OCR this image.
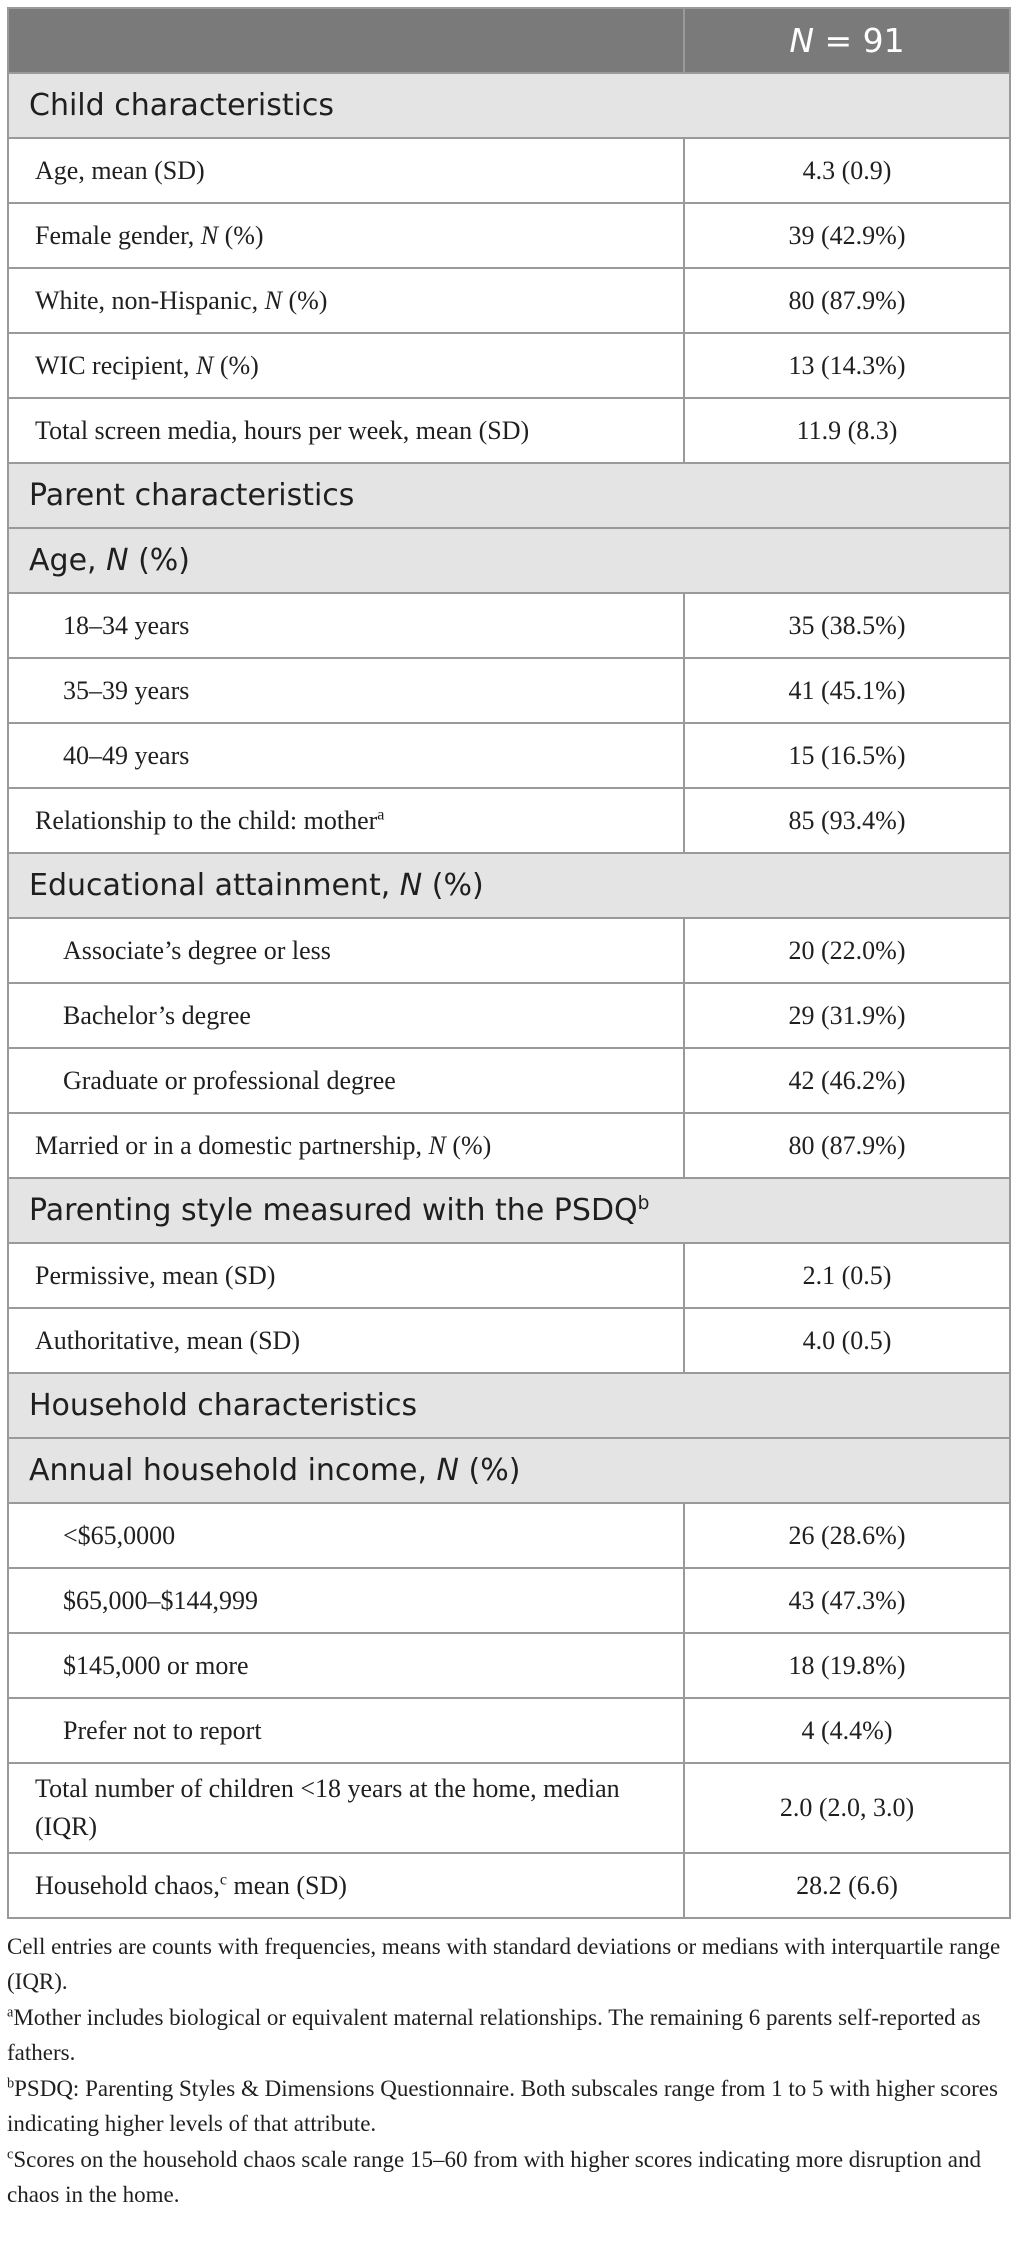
	N = 91
Child characteristics	
Age, mean (SD)	4.3 (0.9)
Female gender, N (%)	39 (42.9%)
White, non-Hispanic, N (%)	80 (87.9%)
WIC recipient, N (%)	13 (14.3%)
Total screen media, hours per week, mean (SD)	11.9 (8.3)
Parent characteristics	
Age, N (%)	
18–34 years	35 (38.5%)
35–39 years	41 (45.1%)
40–49 years	15 (16.5%)
Relationship to the child: mother$^a$	85 (93.4%)
Educational attainment, N (%)	
Associate’s degree or less	20 (22.0%)
Bachelor’s degree	29 (31.9%)
Graduate or professional degree	42 (46.2%)
Married or in a domestic partnership, N (%)	80 (87.9%)
Parenting style measured with the PSDQ$^b$
Permissive, mean (SD)	2.1 (0.5)
Authoritative, mean (SD)	4.0 (0.5)
Household characteristics	
Annual household income, N (%)	
<$65,0000	26 (28.6%)
$65,000–$144,999	43 (47.3%)
$145,000 or more	18 (19.8%)
Prefer not to report	4 (4.4%)
Total number of children <18 years at the home, median (IQR)	2.0 (2.0, 3.0)
Household chaos,$^c$ mean (SD)	28.2 (6.6)

Cell entries are counts with frequencies, means with standard deviations or medians with interquartile range (IQR).

$^a$Mother includes biological or equivalent maternal relationships. The remaining 6 parents self-reported as fathers.

$^b$PSDQ: Parenting Styles & Dimensions Questionnaire. Both subscales range from 1 to 5 with higher scores indicating higher levels of that attribute.

$^c$Scores on the household chaos scale range 15–60 from with higher scores indicating more disruption and chaos in the home.
